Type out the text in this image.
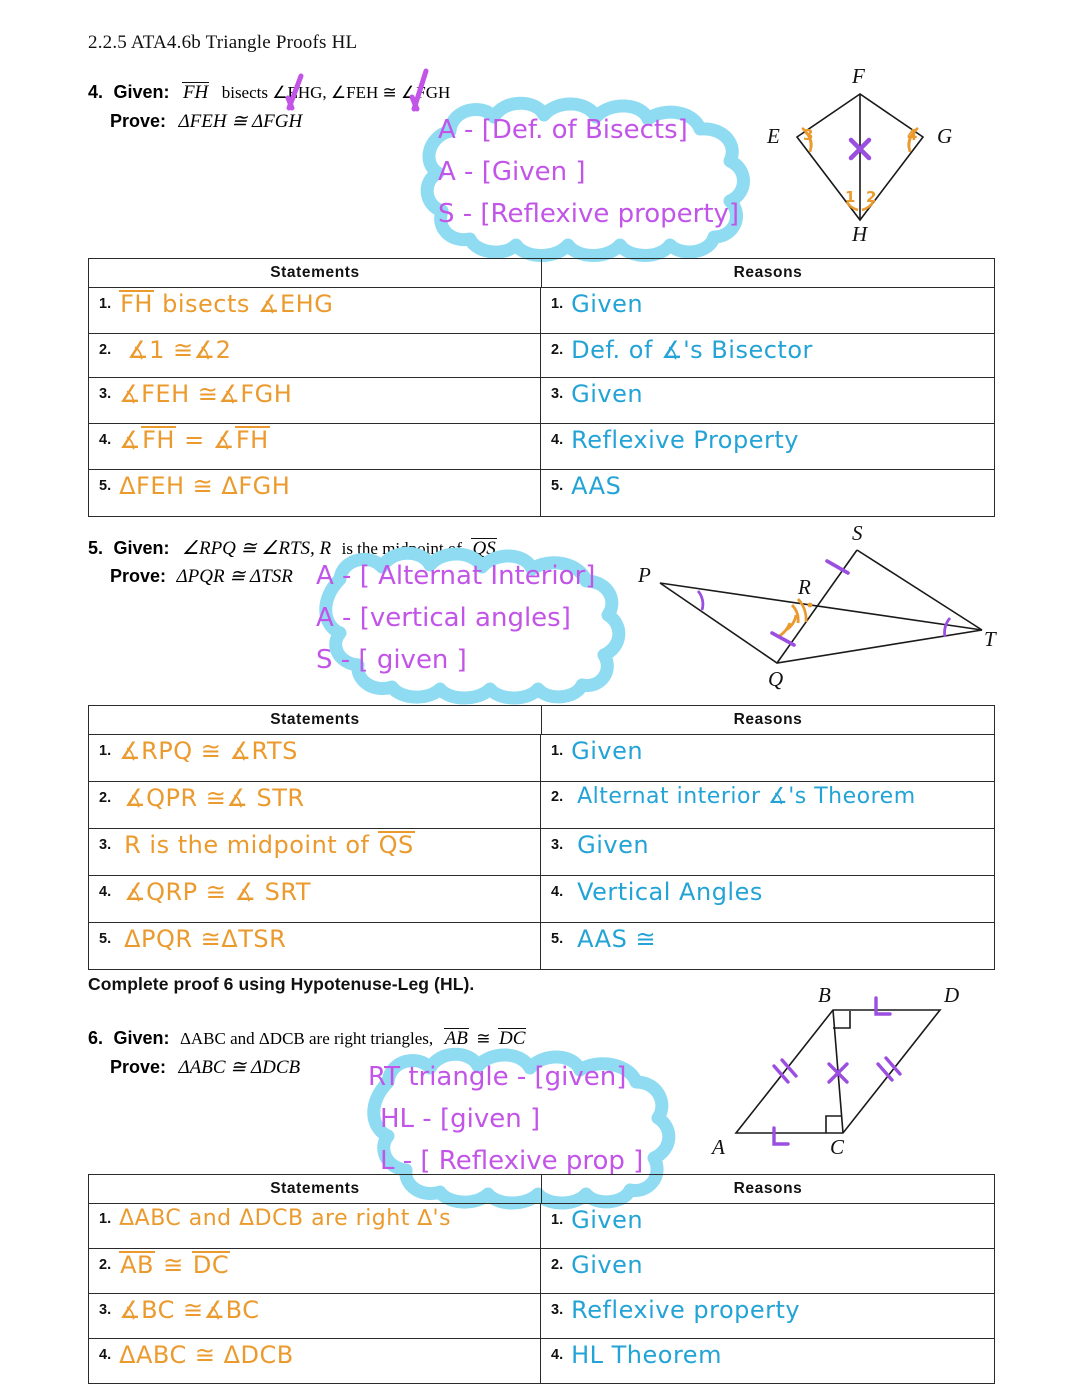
2.2.5 ATA4.6b Triangle Proofs HL
4. Given: FH bisects ∠EHG, ∠FEH ≅ ∠FGH
Prove: ΔFEH ≅ ΔFGH	A - [Def. of Bisects]
A - [Given ]
S - [Reflexive property]
F
E	G
H
3	4
1 2
Statements	Reasons
1. FH bisects ∡EHG	1. Given
2. ∡1 ≅∡2	2. Def. of ∡'s Bisector
3. ∡FEH ≅∡FGH	3. Given
4. ∡FH = ∡FH	4. Reflexive Property
5. ΔFEH ≅ ΔFGH	5. AAS
5. Given: ∠RPQ ≅ ∠RTS, R is the midpoint of QS
Prove: ΔPQR ≅ ΔTSR A - [ Alternat Interior]
A - [vertical angles]
S - [ given ]
P
S
R
T
Q
Statements	Reasons
1. ∡RPQ ≅ ∡RTS	1. Given
2. ∡QPR ≅∡ STR	2. Alternat interior ∡'s Theorem
3. R is the midpoint of QS	3. Given
4. ∡QRP ≅ ∡ SRT	4. Vertical Angles
5. ΔPQR ≅ΔTSR	5. AAS ≅
Complete proof 6 using Hypotenuse-Leg (HL).
6. Given: ΔABC and ΔDCB are right triangles, AB ≅ DC
Prove: ΔABC ≅ ΔDCB	RT triangle - [given]
HL - [given ]
L - [ Reflexive prop ]
B	D
A	C
Statements	Reasons
1. ΔABC and ΔDCB are right ∆'s	1. Given
2. AB ≅ DC	2. Given
3. ∡BC ≅∡BC	3. Reflexive property
4. ΔABC ≅ ΔDCB	4. HL Theorem
